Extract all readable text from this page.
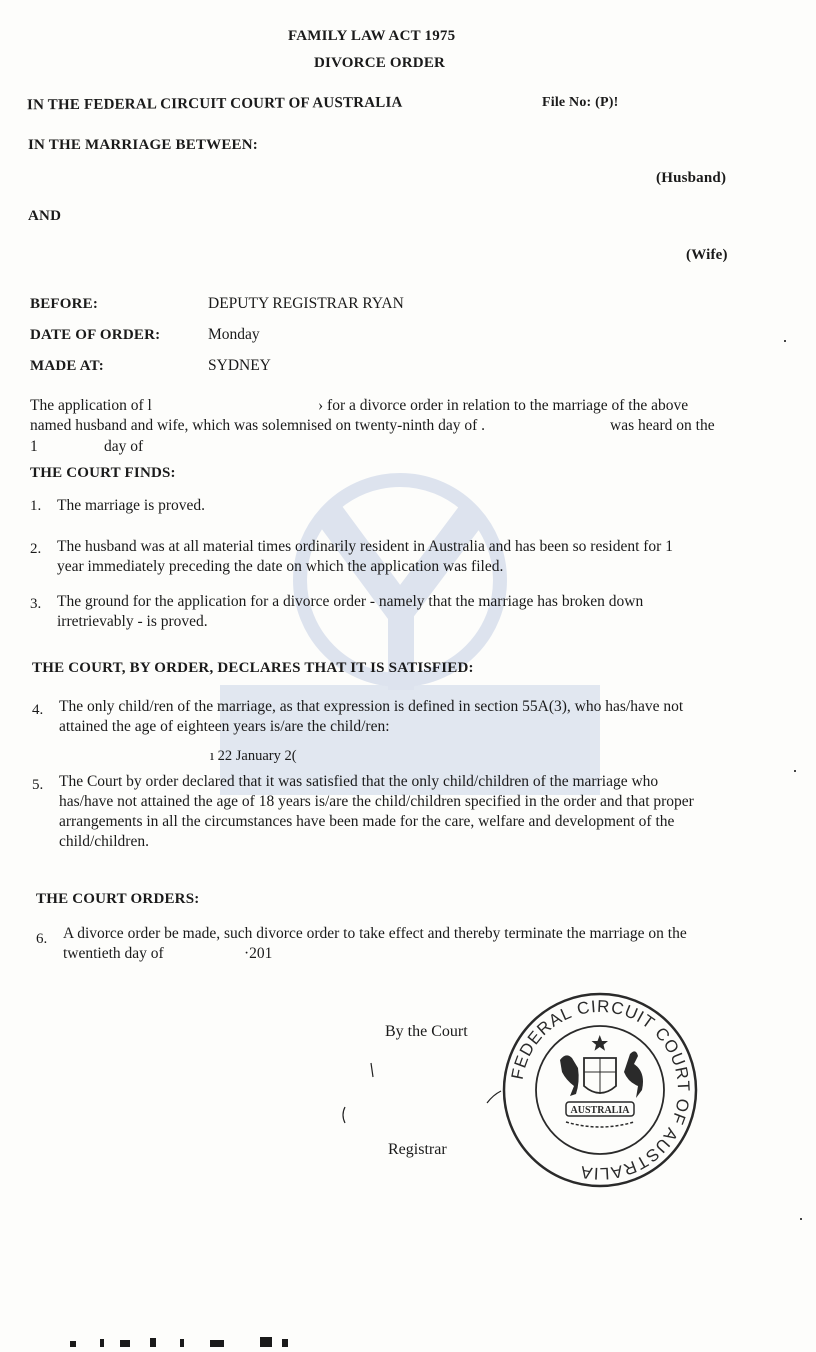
FAMILY LAW ACT 1975
DIVORCE ORDER
IN THE FEDERAL CIRCUIT COURT OF AUSTRALIA	File No: (P)!
IN THE MARRIAGE BETWEEN:
(Husband)
AND
(Wife)
BEFORE:	DEPUTY REGISTRAR RYAN
DATE OF ORDER:	Monday
MADE AT:	SYDNEY
The application of l	› for a divorce order in relation to the marriage of the above
named husband and wife, which was solemnised on twenty-ninth day of .	was heard on the
1	day of
THE COURT FINDS:
1. The marriage is proved.
2. The husband was at all material times ordinarily resident in Australia and has been so resident for 1
year immediately preceding the date on which the application was filed.
3. The ground for the application for a divorce order - namely that the marriage has broken down
irretrievably - is proved.
THE COURT, BY ORDER, DECLARES THAT IT IS SATISFIED:
4. The only child/ren of the marriage, as that expression is defined in section 55A(3), who has/have not
attained the age of eighteen years is/are the child/ren:
ı 22 January 2(
5. The Court by order declared that it was satisfied that the only child/children of the marriage who
has/have not attained the age of 18 years is/are the child/children specified in the order and that proper
arrangements in all the circumstances have been made for the care, welfare and development of the
child/children.
THE COURT ORDERS:
6. A divorce order be made, such divorce order to take effect and thereby terminate the marriage on the
twentieth day of	·201
By the Court
Registrar
FEDERAL CIRCUIT COURT OF AUSTRALIA
AUSTRALIA
